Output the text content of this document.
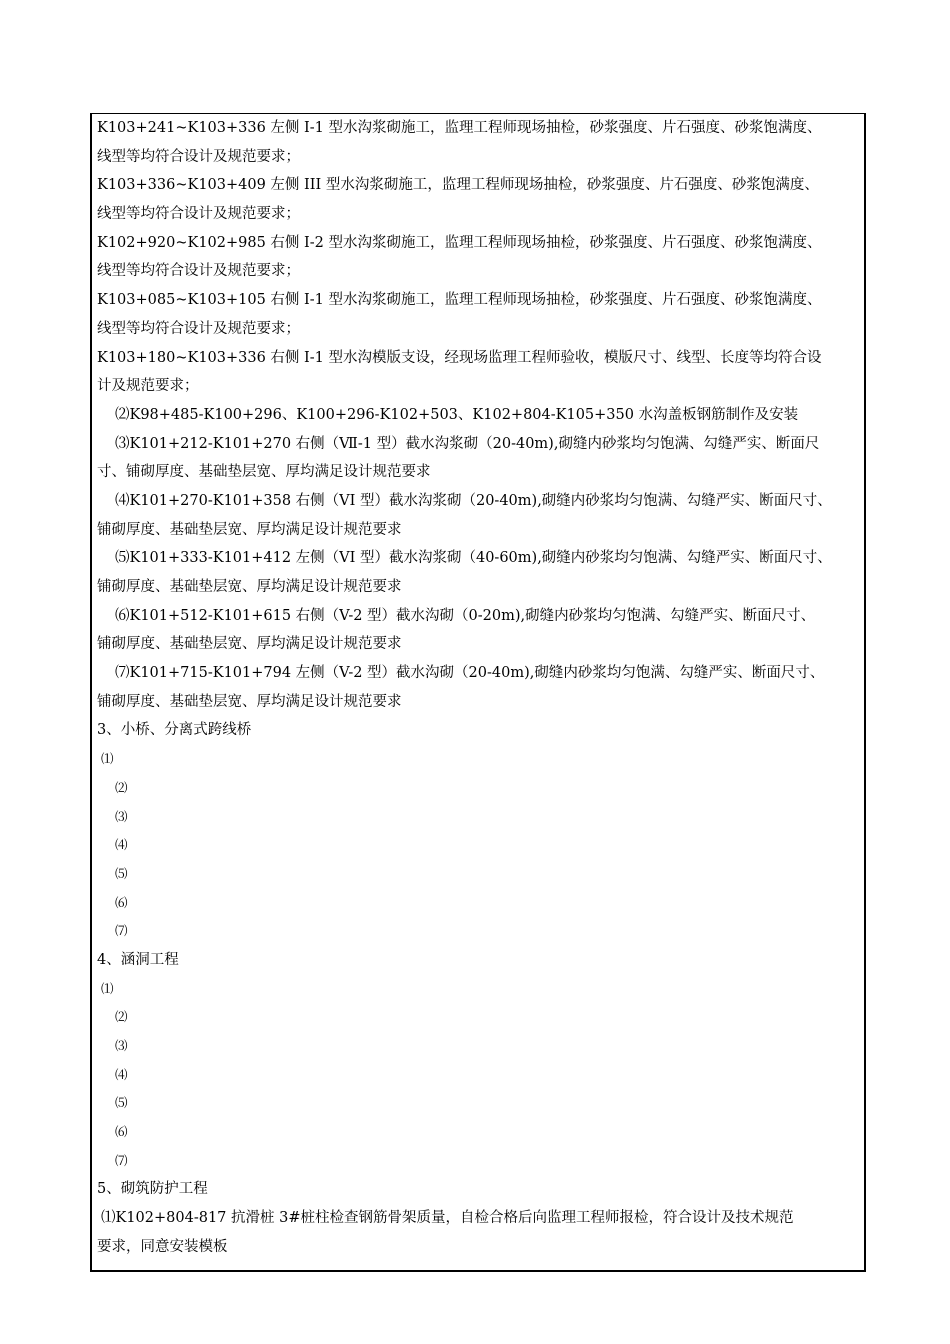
K103+241~K103+336 左侧 I-1 型水沟浆砌施工，监理工程师现场抽检，砂浆强度、片石强度、砂浆饱满度、
线型等均符合设计及规范要求；
K103+336~K103+409 左侧 III 型水沟浆砌施工，监理工程师现场抽检，砂浆强度、片石强度、砂浆饱满度、
线型等均符合设计及规范要求；
K102+920~K102+985 右侧 I-2 型水沟浆砌施工，监理工程师现场抽检，砂浆强度、片石强度、砂浆饱满度、
线型等均符合设计及规范要求；
K103+085~K103+105 右侧 I-1 型水沟浆砌施工，监理工程师现场抽检，砂浆强度、片石强度、砂浆饱满度、
线型等均符合设计及规范要求；
K103+180~K103+336 右侧 I-1 型水沟模版支设，经现场监理工程师验收，模版尺寸、线型、长度等均符合设
计及规范要求；
⑵K98+485-K100+296、K100+296-K102+503、K102+804-K105+350 水沟盖板钢筋制作及安装
⑶K101+212-K101+270 右侧（Ⅶ-1 型）截水沟浆砌（20-40m),砌缝内砂浆均匀饱满、勾缝严实、断面尺
寸、铺砌厚度、基础垫层宽、厚均满足设计规范要求
⑷K101+270-K101+358 右侧（VI 型）截水沟浆砌（20-40m),砌缝内砂浆均匀饱满、勾缝严实、断面尺寸、
铺砌厚度、基础垫层宽、厚均满足设计规范要求
⑸K101+333-K101+412 左侧（VI 型）截水沟浆砌（40-60m),砌缝内砂浆均匀饱满、勾缝严实、断面尺寸、
铺砌厚度、基础垫层宽、厚均满足设计规范要求
⑹K101+512-K101+615 右侧（V-2 型）截水沟砌（0-20m),砌缝内砂浆均匀饱满、勾缝严实、断面尺寸、
铺砌厚度、基础垫层宽、厚均满足设计规范要求
⑺K101+715-K101+794 左侧（V-2 型）截水沟砌（20-40m),砌缝内砂浆均匀饱满、勾缝严实、断面尺寸、
铺砌厚度、基础垫层宽、厚均满足设计规范要求
3、小桥、分离式跨线桥
⑴
⑵
⑶
⑷
⑸
⑹
⑺
4、涵洞工程
⑴
⑵
⑶
⑷
⑸
⑹
⑺
5、砌筑防护工程
⑴K102+804-817 抗滑桩 3#桩柱检查钢筋骨架质量，自检合格后向监理工程师报检，符合设计及技术规范
要求，同意安装模板
